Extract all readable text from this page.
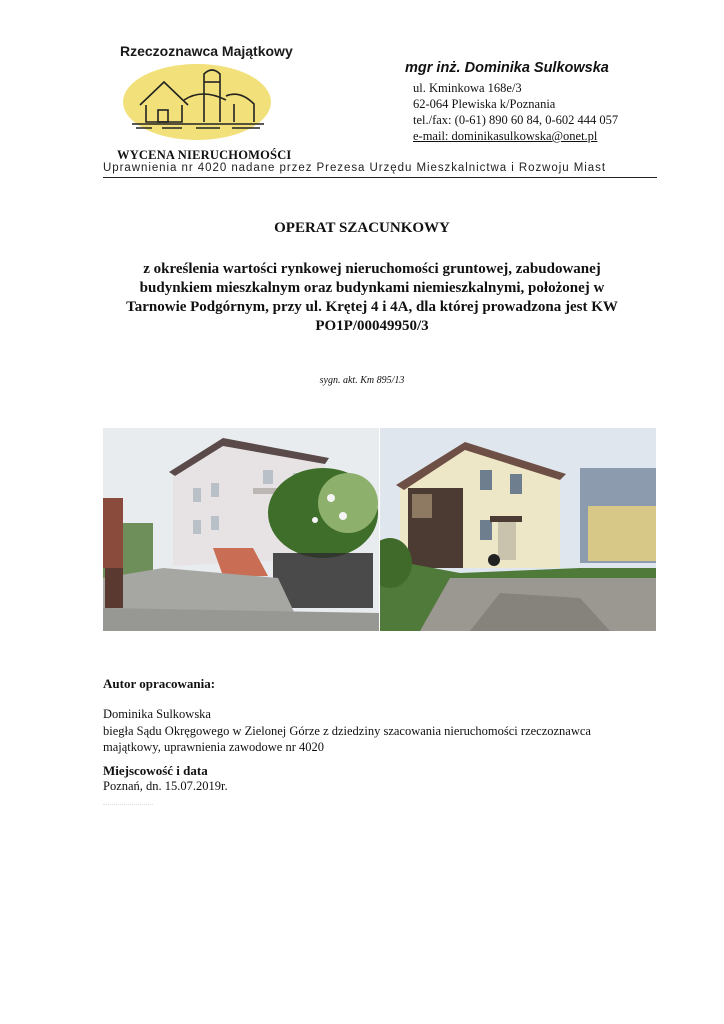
Rzeczoznawca Majątkowy
WYCENA NIERUCHOMOŚCI
mgr inż. Dominika Sulkowska
ul. Kminkowa 168e/3
62-064 Plewiska k/Poznania
tel./fax: (0-61) 890 60 84, 0-602 444 057
e-mail: dominikasulkowska@onet.pl
Uprawnienia nr 4020 nadane przez Prezesa Urzędu Mieszkalnictwa i Rozwoju Miast
OPERAT SZACUNKOWY

z określenia wartości rynkowej nieruchomości gruntowej, zabudowanej budynkiem mieszkalnym oraz budynkami niemieszkalnymi, położonej w Tarnowie Podgórnym, przy ul. Krętej 4 i 4A, dla której prowadzona jest KW PO1P/00049950/3

sygn. akt. Km 895/13
Autor opracowania:
Dominika Sulkowska

biegła Sądu Okręgowego w Zielonej Górze z dziedziny szacowania nieruchomości rzeczoznawca majątkowy, uprawnienia zawodowe nr 4020

Miejscowość i data
Poznań, dn. 15.07.2019r.
